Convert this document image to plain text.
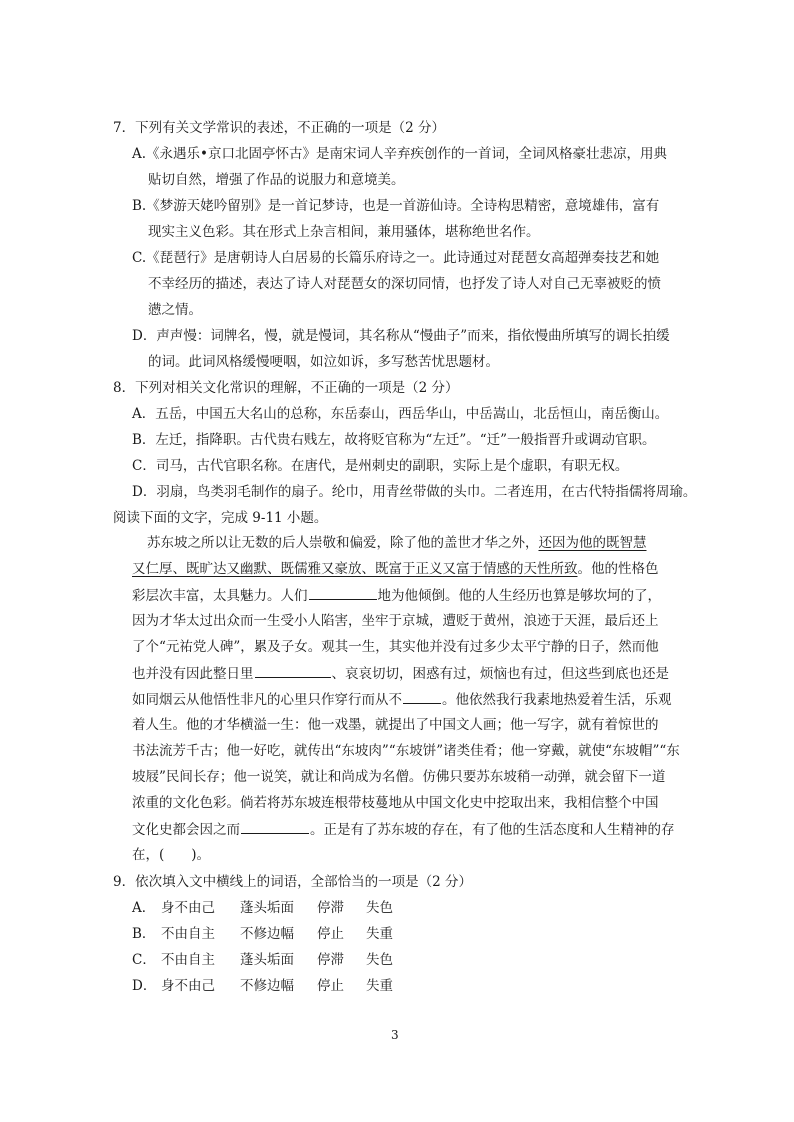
7．下列有关文学常识的表述，不正确的一项是（2 分）
A.《永遇乐•京口北固亭怀古》是南宋词人辛弃疾创作的一首词，全词风格豪壮悲凉，用典
贴切自然，增强了作品的说服力和意境美。
B.《梦游天姥吟留别》是一首记梦诗，也是一首游仙诗。全诗构思精密，意境雄伟，富有
现实主义色彩。其在形式上杂言相间，兼用骚体，堪称绝世名作。
C.《琵琶行》是唐朝诗人白居易的长篇乐府诗之一。此诗通过对琵琶女高超弹奏技艺和她
不幸经历的描述，表达了诗人对琵琶女的深切同情，也抒发了诗人对自己无辜被贬的愤
懑之情。
D．声声慢：词牌名，慢，就是慢词，其名称从“慢曲子”而来，指依慢曲所填写的调长拍缓
的词。此词风格缓慢哽咽，如泣如诉，多写愁苦忧思题材。
8．下列对相关文化常识的理解，不正确的一项是（2 分）
A．五岳，中国五大名山的总称，东岳泰山，西岳华山，中岳嵩山，北岳恒山，南岳衡山。
B．左迁，指降职。古代贵右贱左，故将贬官称为“左迁”。“迁”一般指晋升或调动官职。
C．司马，古代官职名称。在唐代，是州刺史的副职，实际上是个虚职，有职无权。
D．羽扇，鸟类羽毛制作的扇子。纶巾，用青丝带做的头巾。二者连用，在古代特指儒将周瑜。
阅读下面的文字，完成 9-11 小题。
苏东坡之所以让无数的后人崇敬和偏爱，除了他的盖世才华之外，还因为他的既智慧
又仁厚、既旷达又幽默、既儒雅又豪放、既富于正义又富于情感的天性所致。他的性格色
彩层次丰富，太具魅力。人们	地为他倾倒。他的人生经历也算是够坎坷的了，
因为才华太过出众而一生受小人陷害，坐牢于京城，遭贬于黄州，浪迹于天涯，最后还上
了个“元祐党人碑”，累及子女。观其一生，其实他并没有过多少太平宁静的日子，然而他
也并没有因此整日里	、哀哀切切，困惑有过，烦恼也有过，但这些到底也还是
如同烟云从他悟性非凡的心里只作穿行而从不	。他依然我行我素地热爱着生活，乐观
着人生。他的才华横溢一生：他一戏墨，就提出了中国文人画；他一写字，就有着惊世的
书法流芳千古；他一好吃，就传出“东坡肉”“东坡饼”诸类佳肴；他一穿戴，就使“东坡帽”“东
坡屐”民间长存；他一说笑，就让和尚成为名僧。仿佛只要苏东坡稍一动弹，就会留下一道
浓重的文化色彩。倘若将苏东坡连根带枝蔓地从中国文化史中挖取出来，我相信整个中国
文化史都会因之而	。正是有了苏东坡的存在，有了他的生活态度和人生精神的存
在，(　　)。
9．依次填入文中横线上的词语，全部恰当的一项是（2 分）
A． 身不由己 蓬头垢面 停滞 失色
B． 不由自主 不修边幅 停止 失重
C． 不由自主 蓬头垢面 停滞 失色
D． 身不由己 不修边幅 停止 失重
3
